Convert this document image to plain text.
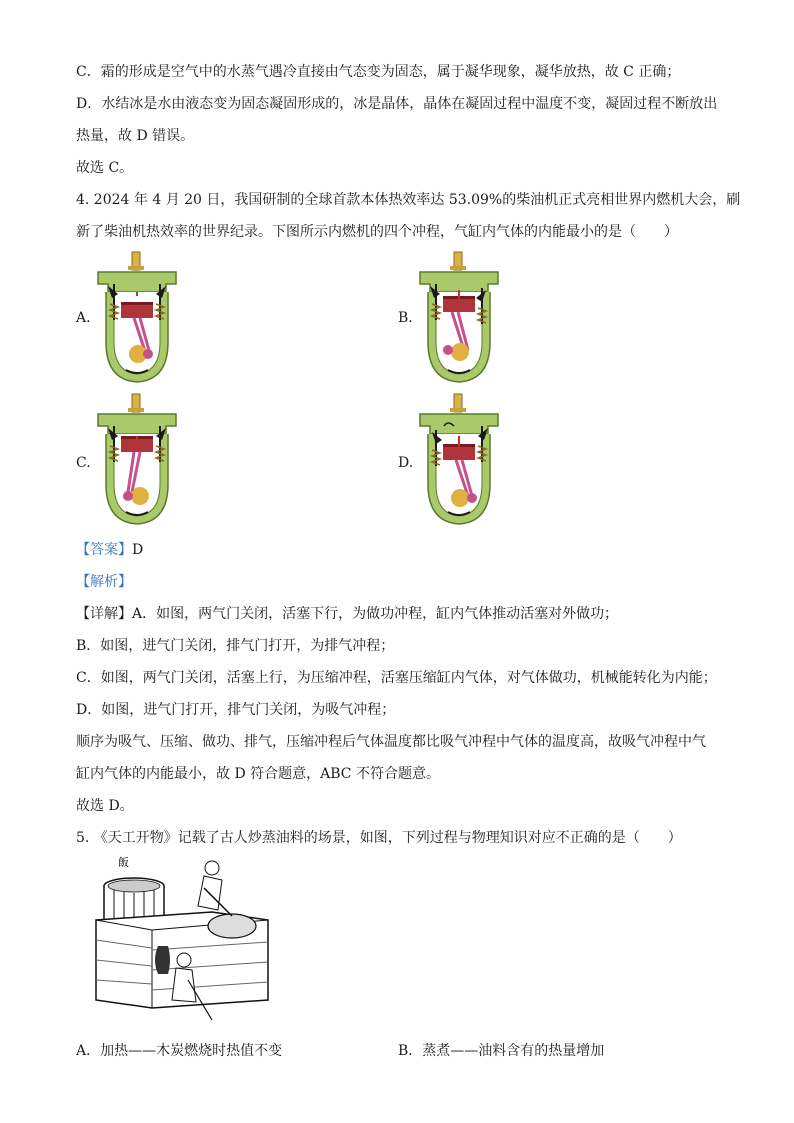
C．霜的形成是空气中的水蒸气遇冷直接由气态变为固态，属于凝华现象，凝华放热，故 C 正确；
D．水结冰是水由液态变为固态凝固形成的，冰是晶体，晶体在凝固过程中温度不变，凝固过程不断放出
热量，故 D 错误。
故选 C。
4. 2024 年 4 月 20 日，我国研制的全球首款本体热效率达 53.09%的柴油机正式亮相世界内燃机大会，刷
新了柴油机热效率的世界纪录。下图所示内燃机的四个冲程，气缸内气体的内能最小的是（　　）
A.	B.
C.	D.
【答案】D
【解析】
【详解】A．如图，两气门关闭，活塞下行，为做功冲程，缸内气体推动活塞对外做功；
B．如图，进气门关闭，排气门打开，为排气冲程；
C．如图，两气门关闭，活塞上行，为压缩冲程，活塞压缩缸内气体，对气体做功，机械能转化为内能；
D．如图，进气门打开，排气门关闭，为吸气冲程；
顺序为吸气、压缩、做功、排气，压缩冲程后气体温度都比吸气冲程中气体的温度高，故吸气冲程中气
缸内气体的内能最小，故 D 符合题意，ABC 不符合题意。
故选 D。
5. 《天工开物》记载了古人炒蒸油料的场景，如图，下列过程与物理知识对应不正确的是（　　）
飯
A．加热——木炭燃烧时热值不变	B．蒸煮——油料含有的热量增加
